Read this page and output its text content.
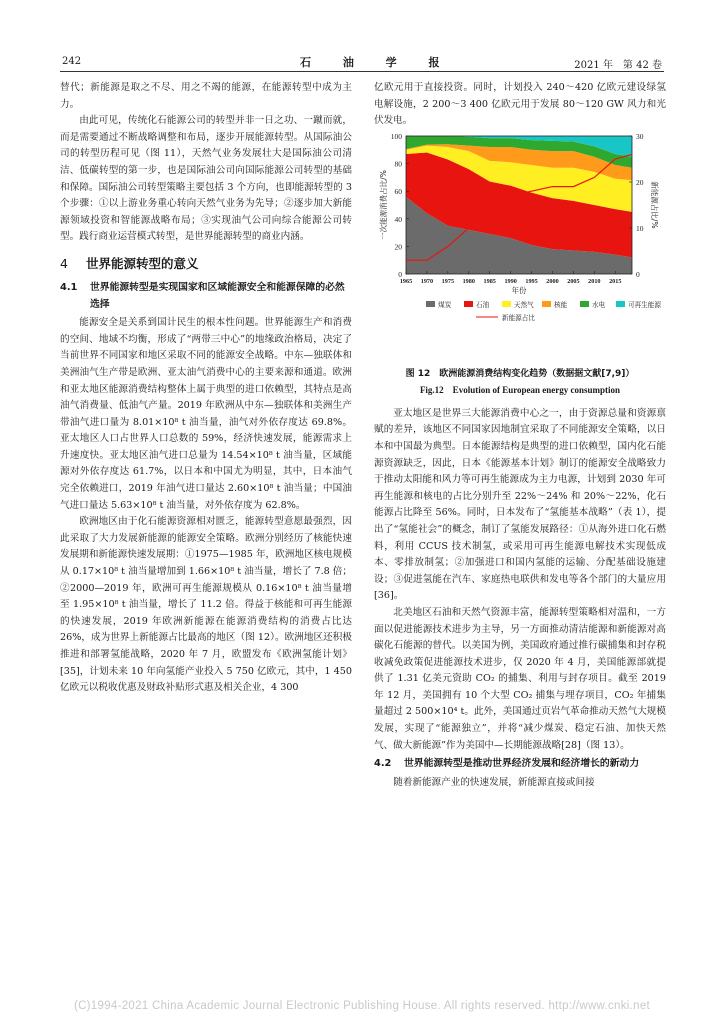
242	石 油 学 报	2021 年　第 42 卷

替代；新能源是取之不尽、用之不竭的能源，在能源转型中成为主力。

由此可见，传统化石能源公司的转型并非一日之功、一蹴而就，而是需要通过不断战略调整和布局，逐步开展能源转型。从国际油公司的转型历程可见（图 11），天然气业务发展壮大是国际油公司清洁、低碳转型的第一步，也是国际油公司向国际能源公司转型的基础和保障。国际油公司转型策略主要包括 3 个方向，也即能源转型的 3 个步骤：①以上游业务重心转向天然气业务为先导；②逐步加大新能源领域投资和智能源战略布局；③实现油气公司向综合能源公司转型。践行商业运营模式转型，是世界能源转型的商业内涵。

4 世界能源转型的意义
4.1	世界能源转型是实现国家和区域能源安全和能源保障的必然选择

能源安全是关系到国计民生的根本性问题。世界能源生产和消费的空间、地域不均衡，形成了“两带三中心”的地缘政治格局，决定了当前世界不同国家和地区采取不同的能源安全战略。中东—独联体和美洲油气生产带是欧洲、亚太油气消费中心的主要来源和通道。欧洲和亚太地区能源消费结构整体上属于典型的进口依赖型，其特点是高油气消费量、低油气产量。2019 年欧洲从中东—独联体和美洲生产带油气进口量为 8.01×10⁸ t 油当量，油气对外依存度达 69.8%。亚太地区人口占世界人口总数的 59%，经济快速发展，能源需求上升速度快。亚太地区油气进口总量为 14.54×10⁸ t 油当量，区域能源对外依存度达 61.7%，以日本和中国尤为明显，其中，日本油气完全依赖进口，2019 年油气进口量达 2.60×10⁸ t 油当量；中国油气进口量达 5.63×10⁸ t 油当量，对外依存度为 62.8%。

欧洲地区由于化石能源资源相对匮乏，能源转型意愿最强烈，因此采取了大力发展新能源的能源安全策略。欧洲分别经历了核能快速发展期和新能源快速发展期：①1975—1985 年，欧洲地区核电规模从 0.17×10⁸ t 油当量增加到 1.66×10⁸ t 油当量，增长了 7.8 倍；②2000—2019 年，欧洲可再生能源规模从 0.16×10⁸ t 油当量增至 1.95×10⁸ t 油当量，增长了 11.2 倍。得益于核能和可再生能源的快速发展，2019 年欧洲新能源在能源消费结构的消费占比达 26%，成为世界上新能源占比最高的地区（图 12）。欧洲地区还积极推进和部署氢能战略，2020 年 7 月，欧盟发布《欧洲氢能计划》[35]，计划未来 10 年向氢能产业投入 5 750 亿欧元，其中，1 450 亿欧元以税收优惠及财政补贴形式惠及相关企业，4 300

亿欧元用于直接投资。同时，计划投入 240～420 亿欧元建设绿氢电解设施，2 200～3 400 亿欧元用于发展 80～120 GW 风力和光伏发电。

0
20
40
60
80
100
0
10
20
30
1965 1970 1975 1980 1985 1990 1995 2000 2005 2010 2015
年份
一次能源消费占比/%	新能源占比/%
煤炭	石油	天然气	核能	水电	可再生能源
新能源占比
图 12　欧洲能源消费结构变化趋势（数据据文献[7,9]）
Fig.12　Evolution of European energy consumption

亚太地区是世界三大能源消费中心之一，由于资源总量和资源禀赋的差异，该地区不同国家因地制宜采取了不同能源安全策略，以日本和中国最为典型。日本能源结构是典型的进口依赖型，国内化石能源资源缺乏，因此，日本《能源基本计划》制订的能源安全战略致力于推动太阳能和风力等可再生能源成为主力电源，计划到 2030 年可再生能源和核电的占比分别升至 22%～24% 和 20%～22%，化石能源占比降至 56%。同时，日本发布了“氢能基本战略”（表 1），提出了“氢能社会”的概念，制订了氢能发展路径：①从海外进口化石燃料，利用 CCUS 技术制氢，或采用可再生能源电解技术实现低成本、零排放制氢；②加强进口和国内氢能的运输、分配基础设施建设；③促进氢能在汽车、家庭热电联供和发电等各个部门的大量应用[36]。

北美地区石油和天然气资源丰富，能源转型策略相对温和，一方面以促进能源技术进步为主导，另一方面推动清洁能源和新能源对高碳化石能源的替代。以美国为例，美国政府通过推行碳捕集和封存税收减免政策促进能源技术进步，仅 2020 年 4 月，美国能源部就提供了 1.31 亿美元资助 CO₂ 的捕集、利用与封存项目。截至 2019 年 12 月，美国拥有 10 个大型 CO₂ 捕集与埋存项目，CO₂ 年捕集量超过 2 500×10⁴ t。此外，美国通过页岩气革命推动天然气大规模发展，实现了“能源独立”，并将“减少煤炭、稳定石油、加快天然气、做大新能源”作为美国中—长期能源战略[28]（图 13）。

4.2	世界能源转型是推动世界经济发展和经济增长的新动力

随着新能源产业的快速发展，新能源直接或间接

(C)1994-2021 China Academic Journal Electronic Publishing House. All rights reserved. http://www.cnki.net
